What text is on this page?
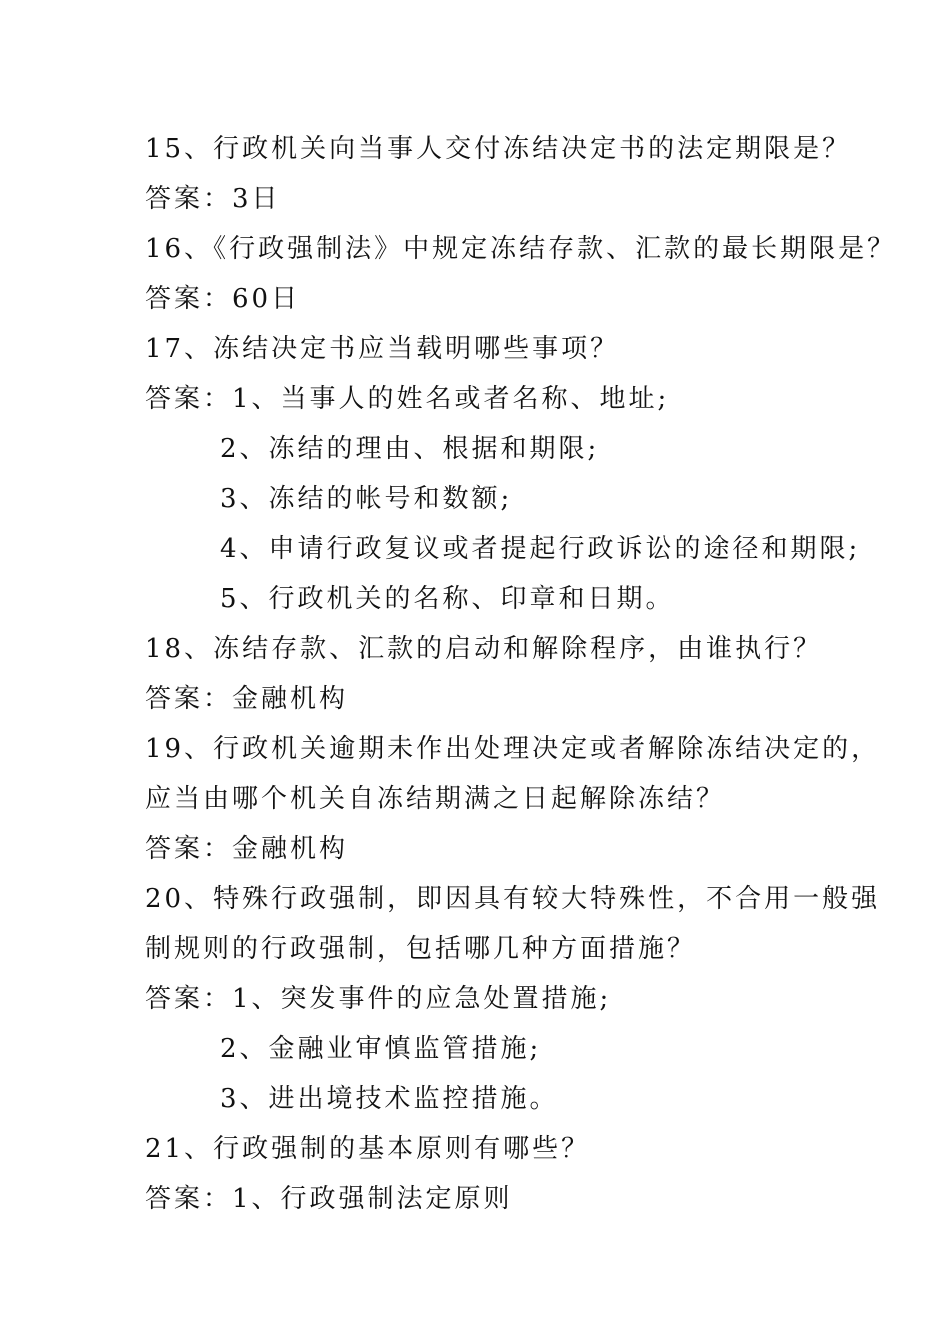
15、行政机关向当事人交付冻结决定书的法定期限是？
答案：3日
16、《行政强制法》中规定冻结存款、汇款的最长期限是？
答案：60日
17、冻结决定书应当载明哪些事项？
答案：1、当事人的姓名或者名称、地址;
2、冻结的理由、根据和期限;
3、冻结的帐号和数额;
4、申请行政复议或者提起行政诉讼的途径和期限;
5、行政机关的名称、印章和日期。
18、冻结存款、汇款的启动和解除程序，由谁执行？
答案：金融机构
19、行政机关逾期未作出处理决定或者解除冻结决定的，
应当由哪个机关自冻结期满之日起解除冻结？
答案：金融机构
20、特殊行政强制，即因具有较大特殊性，不合用一般强
制规则的行政强制，包括哪几种方面措施？
答案：1、突发事件的应急处置措施;
2、金融业审慎监管措施;
3、进出境技术监控措施。
21、行政强制的基本原则有哪些？
答案：1、行政强制法定原则
